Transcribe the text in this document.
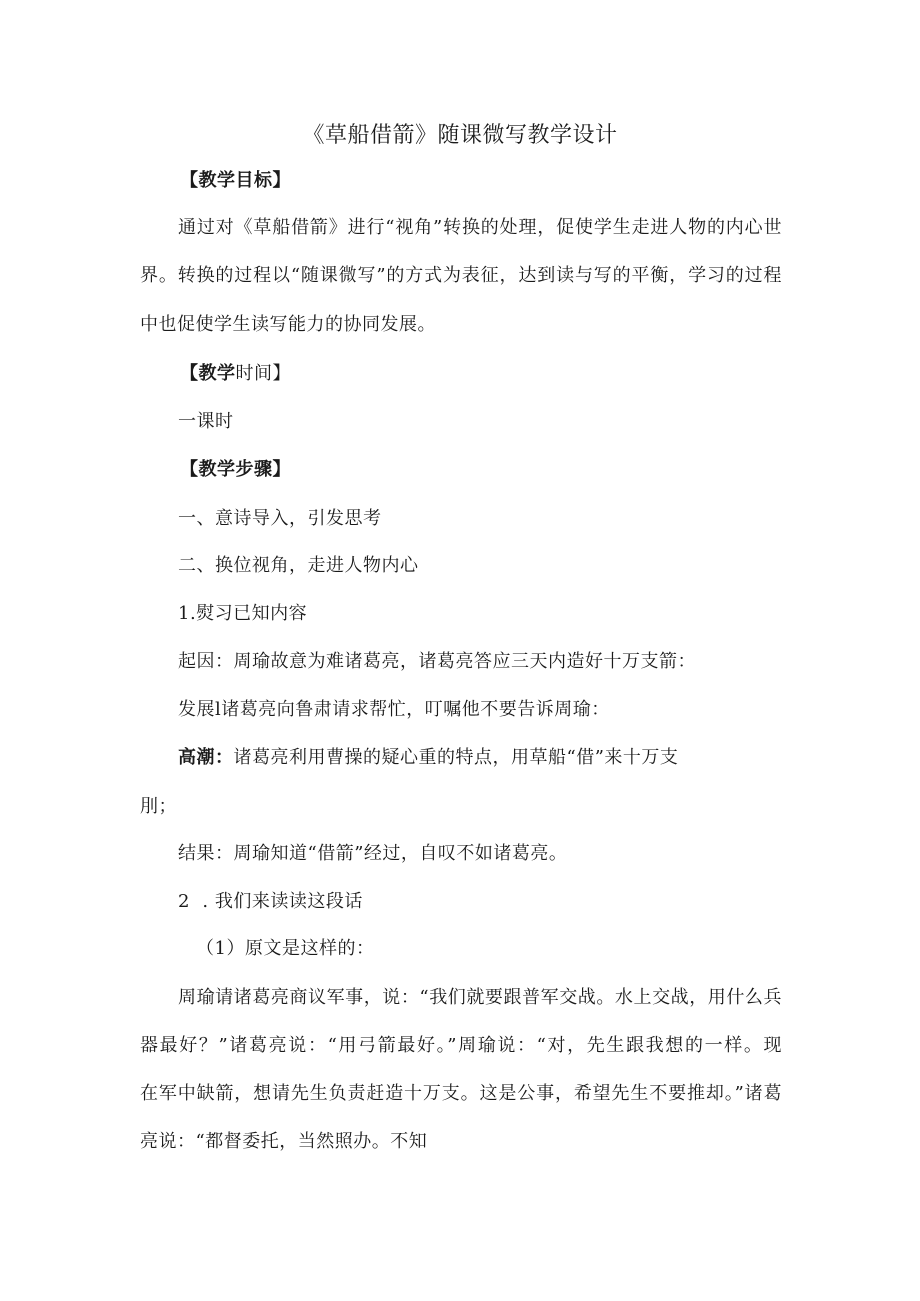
《草船借箭》随课微写教学设计
【教学目标】
通过对《草船借箭》进行“视角”转换的处理，促使学生走进人物的内心世
界。转换的过程以“随课微写”的方式为表征，达到读与写的平衡，学习的过程
中也促使学生读写能力的协同发展。
【教学时间】
一课时
【教学步骤】
一、意诗导入，引发思考
二、换位视角，走进人物内心
1.熨习已知内容
起因：周瑜故意为难诸葛亮，诸葛亮答应三天内造好十万支箭：
发展l诸葛亮向鲁肃请求帮忙，叮嘱他不要告诉周瑜：
高潮：诸葛亮利用曹操的疑心重的特点，用草船“借”来十万支
刖；
结果：周瑜知道“借箭”经过，自叹不如诸葛亮。
2  . 我们来读读这段话
（1）原文是这样的：
周瑜请诸葛亮商议军事，说：“我们就要跟普军交战。水上交战，用什么兵
器最好？”诸葛亮说：“用弓箭最好。”周瑜说：“对，先生跟我想的一样。现
在军中缺箭，想请先生负责赶造十万支。这是公事，希望先生不要推却。”诸葛
亮说：“都督委托，当然照办。不知
